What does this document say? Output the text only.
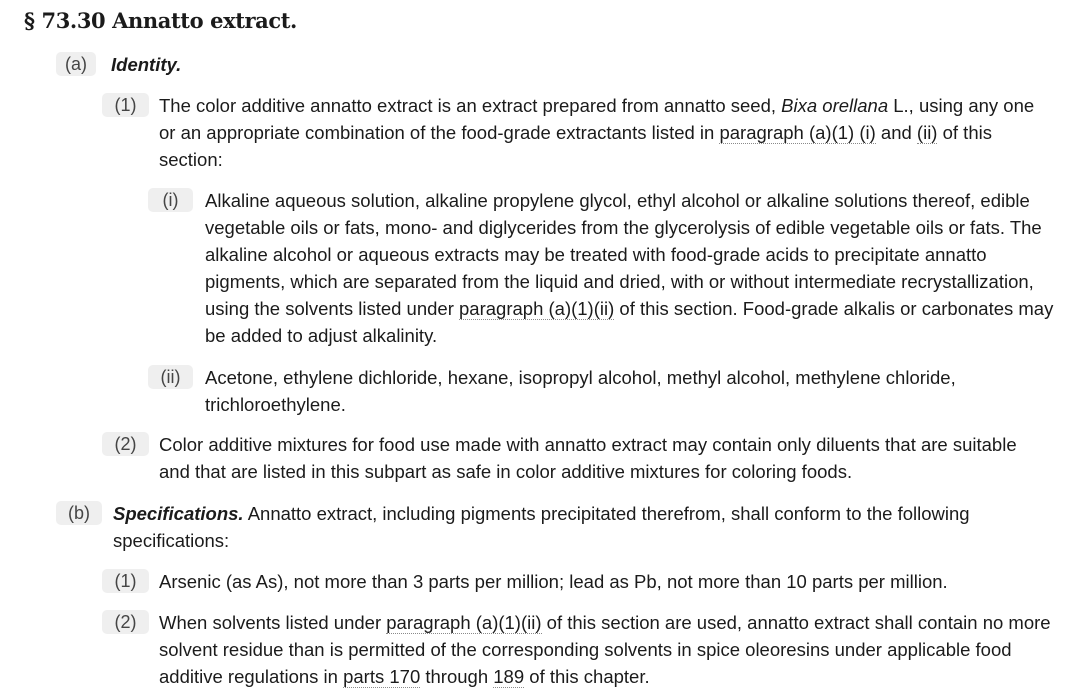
§ 73.30 Annatto extract.
(a)	Identity.
(1)	The color additive annatto extract is an extract prepared from annatto seed, Bixa orellana L., using any one or an appropriate combination of the food-grade extractants listed in paragraph (a)(1) (i) and (ii) of this section:
(i)	Alkaline aqueous solution, alkaline propylene glycol, ethyl alcohol or alkaline solutions thereof, edible vegetable oils or fats, mono- and diglycerides from the glycerolysis of edible vegetable oils or fats. The alkaline alcohol or aqueous extracts may be treated with food-grade acids to precipitate annatto pigments, which are separated from the liquid and dried, with or without intermediate recrystallization, using the solvents listed under paragraph (a)(1)(ii) of this section. Food-grade alkalis or carbonates may be added to adjust alkalinity.
(ii)	Acetone, ethylene dichloride, hexane, isopropyl alcohol, methyl alcohol, methylene chloride, trichloroethylene.
(2)	Color additive mixtures for food use made with annatto extract may contain only diluents that are suitable and that are listed in this subpart as safe in color additive mixtures for coloring foods.
(b)	Specifications. Annatto extract, including pigments precipitated therefrom, shall conform to the following specifications:
(1)	Arsenic (as As), not more than 3 parts per million; lead as Pb, not more than 10 parts per million.
(2)	When solvents listed under paragraph (a)(1)(ii) of this section are used, annatto extract shall contain no more solvent residue than is permitted of the corresponding solvents in spice oleoresins under applicable food additive regulations in parts 170 through 189 of this chapter.
